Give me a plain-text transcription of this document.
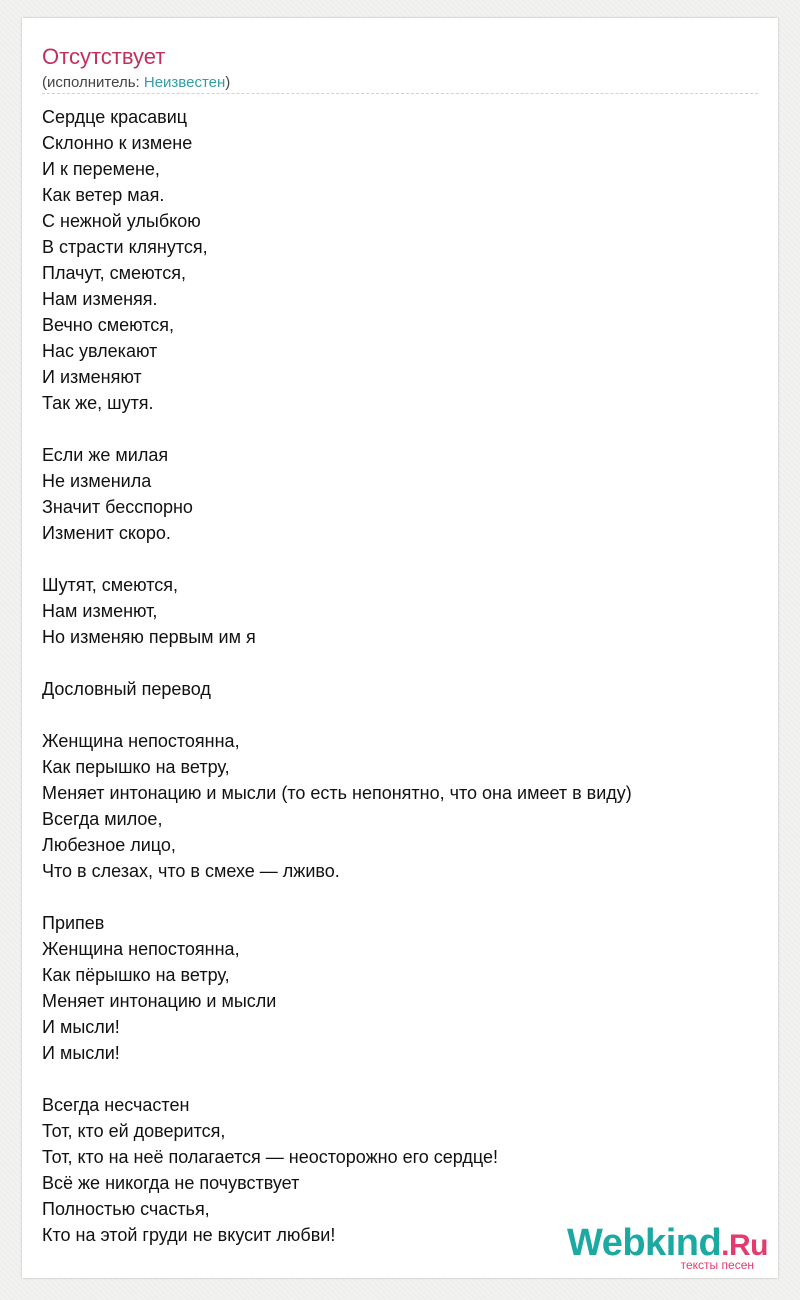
Отсутствует
(исполнитель: Неизвестен)
Сердце красавиц
Склонно к измене
И к перемене,
Как ветер мая.
С нежной улыбкою
В страсти клянутся,
Плачут, смеются,
Нам изменяя.
Вечно смеются,
Нас увлекают
И изменяют
Так же, шутя.
Если же милая
Не изменила
Значит бесспорно
Изменит скоро.
Шутят, смеются,
Нам изменют,
Но изменяю первым им я
Дословный перевод
Женщина непостоянна,
Как перышко на ветру,
Меняет интонацию и мысли (то есть непонятно, что она имеет в виду)
Всегда милое,
Любезное лицо,
Что в слезах, что в смехе — лживо.
Припев
Женщина непостоянна,
Как пёрышко на ветру,
Меняет интонацию и мысли
И мысли!
И мысли!
Всегда несчастен
Тот, кто ей доверится,
Тот, кто на неё полагается — неосторожно его сердце!
Всё же никогда не почувствует
Полностью счастья,
Кто на этой груди не вкусит любви!	Webkind.Ru
тексты песен
